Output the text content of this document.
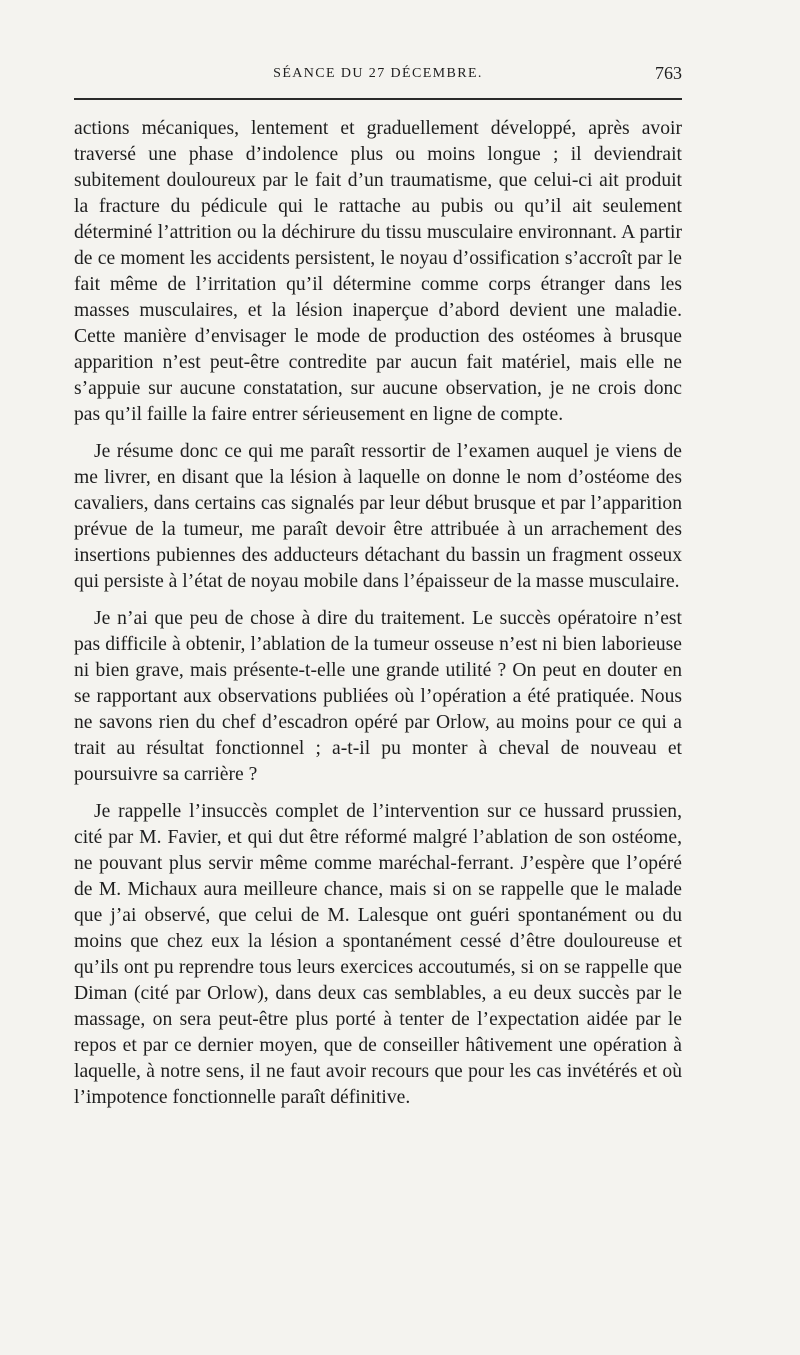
SÉANCE DU 27 DÉCEMBRE.	763

actions mécaniques, lentement et graduellement développé, après avoir traversé une phase d’indolence plus ou moins longue ; il deviendrait subitement douloureux par le fait d’un traumatisme, que celui-ci ait produit la fracture du pédicule qui le rattache au pubis ou qu’il ait seulement déterminé l’attrition ou la déchirure du tissu musculaire environnant. A partir de ce moment les accidents persistent, le noyau d’ossification s’accroît par le fait même de l’irritation qu’il détermine comme corps étranger dans les masses musculaires, et la lésion inaperçue d’abord devient une maladie. Cette manière d’envisager le mode de production des ostéomes à brusque apparition n’est peut-être contredite par aucun fait matériel, mais elle ne s’appuie sur aucune constatation, sur aucune observation, je ne crois donc pas qu’il faille la faire entrer sérieusement en ligne de compte.

Je résume donc ce qui me paraît ressortir de l’examen auquel je viens de me livrer, en disant que la lésion à laquelle on donne le nom d’ostéome des cavaliers, dans certains cas signalés par leur début brusque et par l’apparition prévue de la tumeur, me paraît devoir être attribuée à un arrachement des insertions pubiennes des adducteurs détachant du bassin un fragment osseux qui persiste à l’état de noyau mobile dans l’épaisseur de la masse musculaire.

Je n’ai que peu de chose à dire du traitement. Le succès opératoire n’est pas difficile à obtenir, l’ablation de la tumeur osseuse n’est ni bien laborieuse ni bien grave, mais présente-t-elle une grande utilité ? On peut en douter en se rapportant aux observations publiées où l’opération a été pratiquée. Nous ne savons rien du chef d’escadron opéré par Orlow, au moins pour ce qui a trait au résultat fonctionnel ; a-t-il pu monter à cheval de nouveau et poursuivre sa carrière ?

Je rappelle l’insuccès complet de l’intervention sur ce hussard prussien, cité par M. Favier, et qui dut être réformé malgré l’ablation de son ostéome, ne pouvant plus servir même comme maréchal-ferrant. J’espère que l’opéré de M. Michaux aura meilleure chance, mais si on se rappelle que le malade que j’ai observé, que celui de M. Lalesque ont guéri spontanément ou du moins que chez eux la lésion a spontanément cessé d’être douloureuse et qu’ils ont pu reprendre tous leurs exercices accoutumés, si on se rappelle que Diman (cité par Orlow), dans deux cas semblables, a eu deux succès par le massage, on sera peut-être plus porté à tenter de l’expectation aidée par le repos et par ce dernier moyen, que de conseiller hâtivement une opération à laquelle, à notre sens, il ne faut avoir recours que pour les cas invétérés et où l’impotence fonctionnelle paraît définitive.
